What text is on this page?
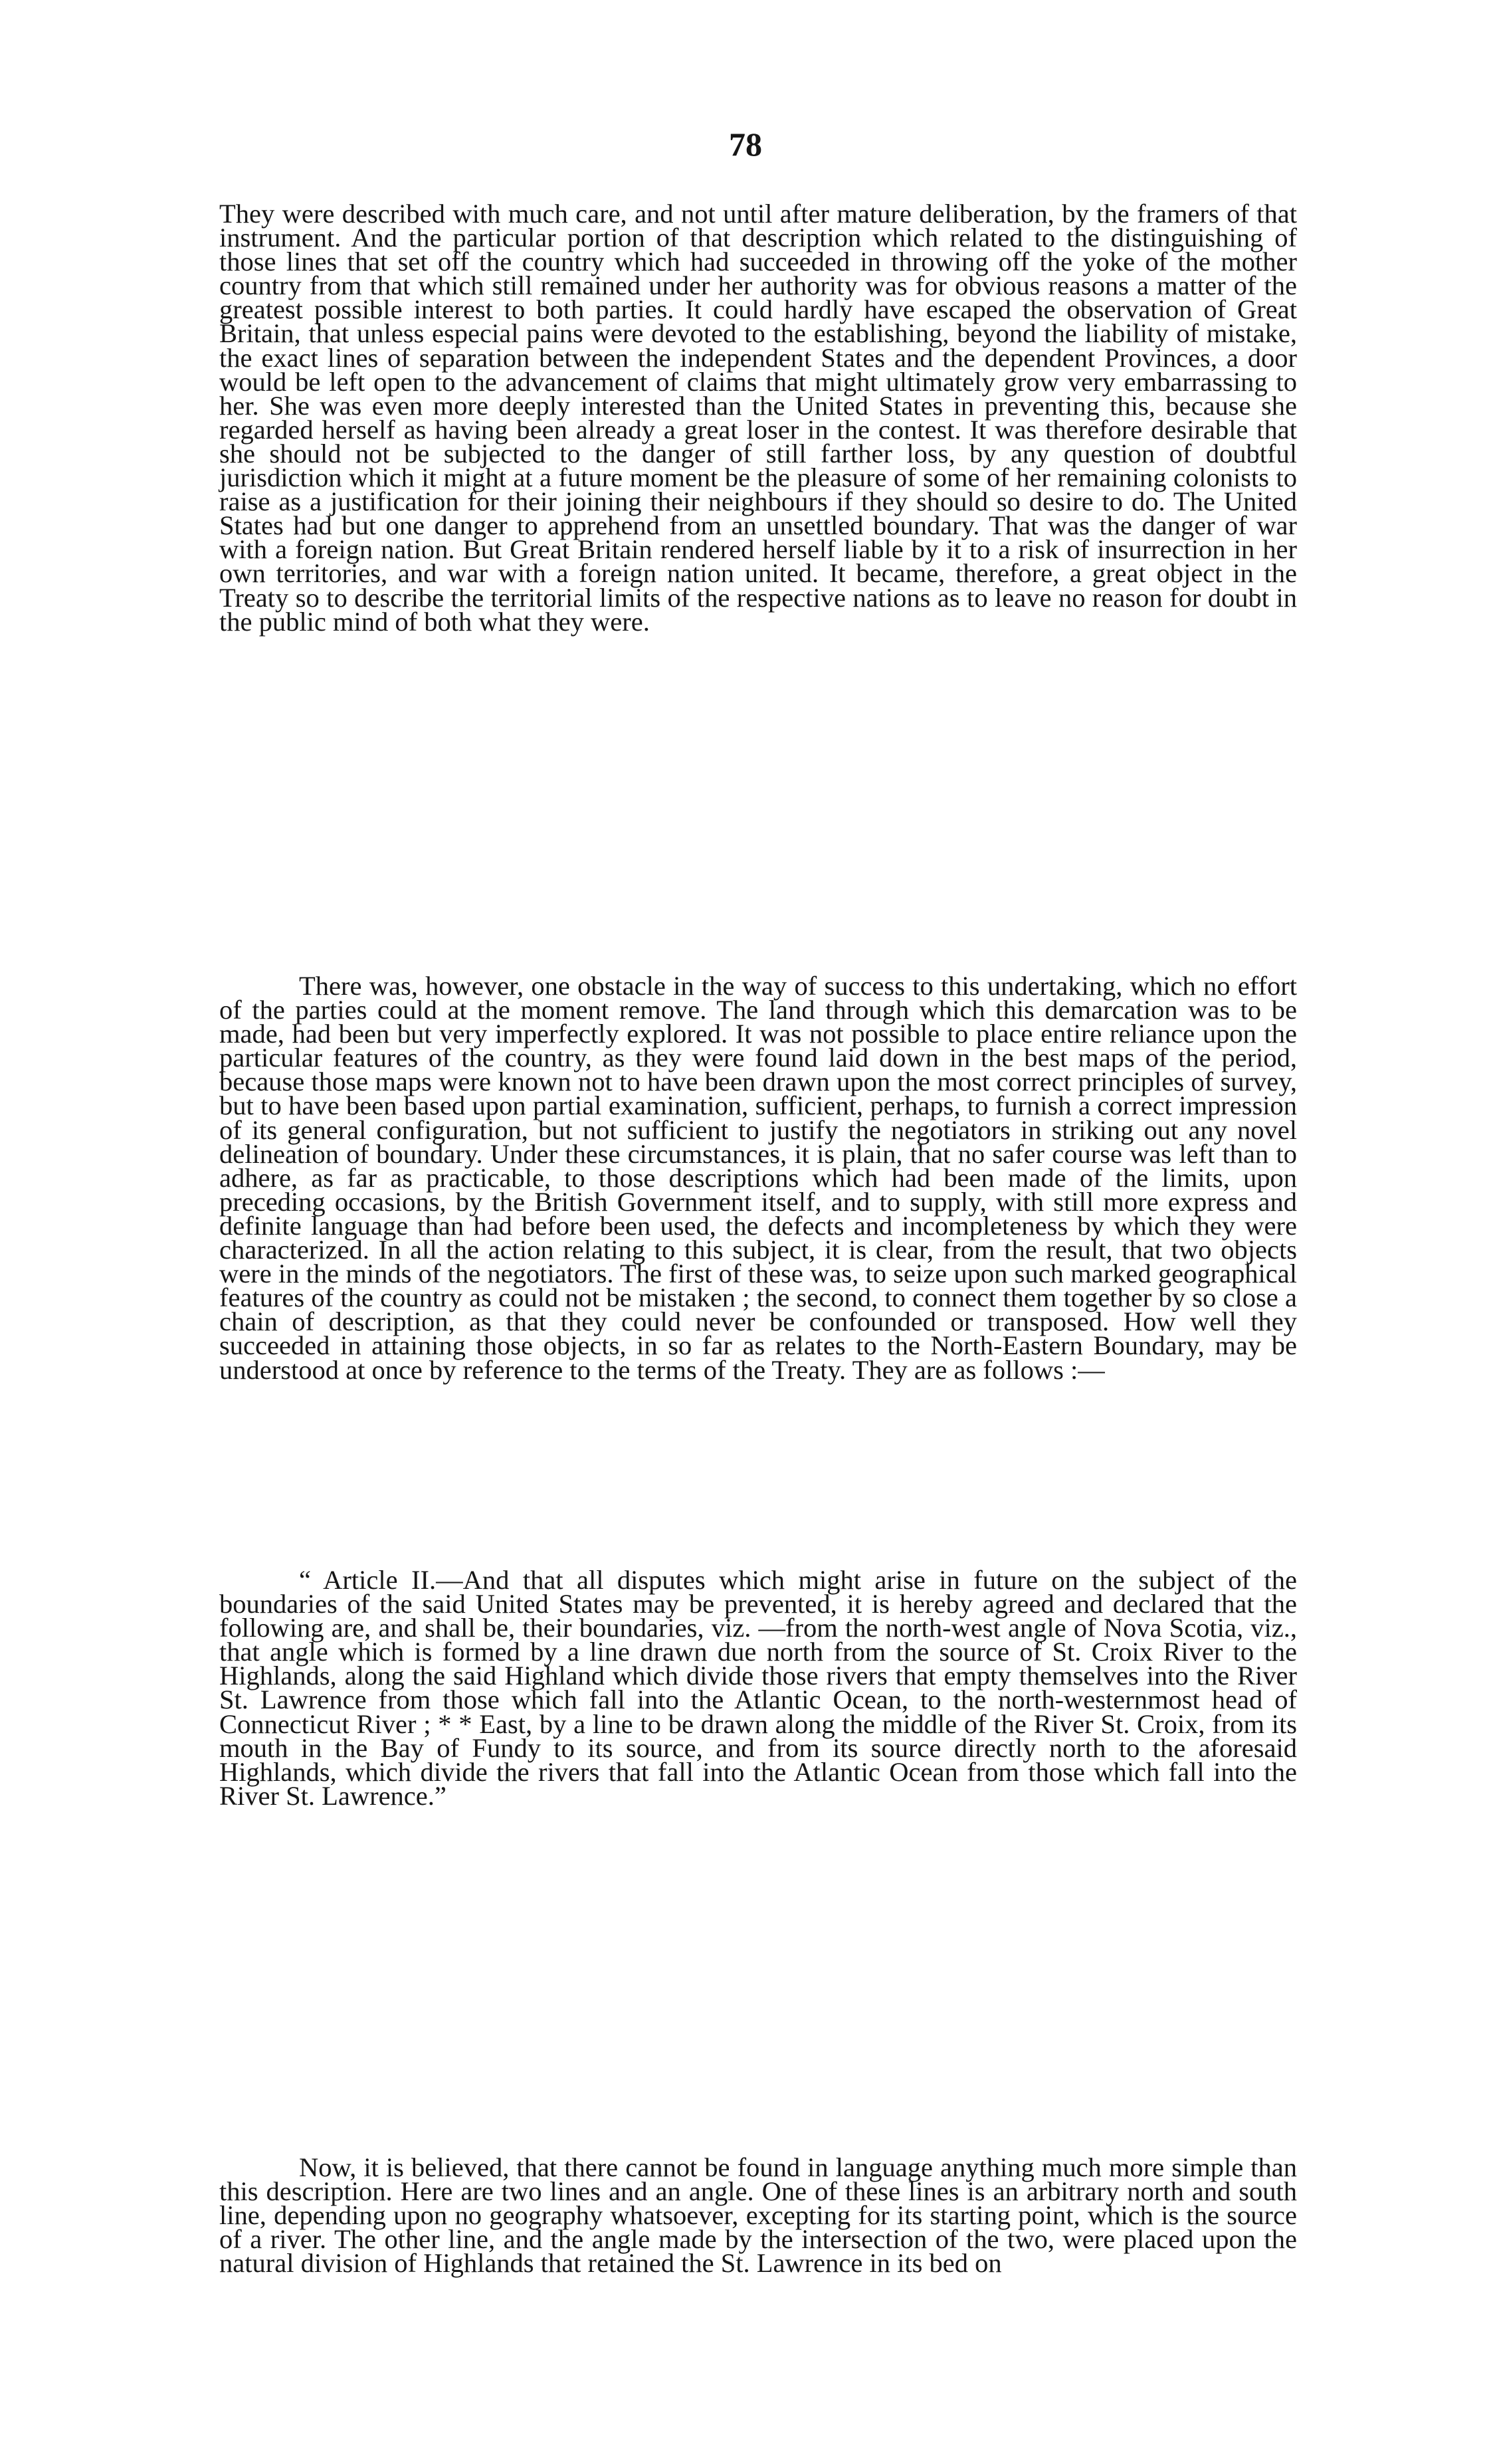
78

They were described with much care, and not until after mature deliberation, by the framers of that instrument. And the particular portion of that description which related to the distinguishing of those lines that set off the country which had succeeded in throwing off the yoke of the mother country from that which still remained under her authority was for obvious reasons a matter of the greatest possible interest to both parties. It could hardly have escaped the observation of Great Britain, that unless especial pains were devoted to the establishing, beyond the liability of mistake, the exact lines of separation between the independent States and the dependent Provinces, a door would be left open to the advancement of claims that might ultimately grow very embarrassing to her. She was even more deeply interested than the United States in preventing this, because she regarded herself as having been already a great loser in the contest. It was therefore desirable that she should not be subjected to the danger of still farther loss, by any question of doubtful jurisdiction which it might at a future moment be the pleasure of some of her remaining colonists to raise as a justification for their joining their neighbours if they should so desire to do. The United States had but one danger to apprehend from an unsettled boundary. That was the danger of war with a foreign nation. But Great Britain rendered herself liable by it to a risk of insurrection in her own territories, and war with a foreign nation united. It became, therefore, a great object in the Treaty so to describe the territorial limits of the respective nations as to leave no reason for doubt in the public mind of both what they were.

There was, however, one obstacle in the way of success to this undertaking, which no effort of the parties could at the moment remove. The land through which this demarcation was to be made, had been but very imperfectly explored. It was not possible to place entire reliance upon the particular features of the country, as they were found laid down in the best maps of the period, because those maps were known not to have been drawn upon the most correct principles of survey, but to have been based upon partial examination, sufficient, perhaps, to furnish a correct impression of its general configuration, but not sufficient to justify the negotiators in striking out any novel delineation of boundary. Under these circumstances, it is plain, that no safer course was left than to adhere, as far as practicable, to those descriptions which had been made of the limits, upon preceding occasions, by the British Government itself, and to supply, with still more express and definite language than had before been used, the defects and incompleteness by which they were characterized. In all the action relating to this subject, it is clear, from the result, that two objects were in the minds of the negotiators. The first of these was, to seize upon such marked geographical features of the country as could not be mistaken ; the second, to connect them together by so close a chain of description, as that they could never be confounded or transposed. How well they succeeded in attaining those objects, in so far as relates to the North-Eastern Boundary, may be understood at once by reference to the terms of the Treaty. They are as follows :—

“ Article II.—And that all disputes which might arise in future on the subject of the boundaries of the said United States may be prevented, it is hereby agreed and declared that the following are, and shall be, their boundaries, viz. —from the north-west angle of Nova Scotia, viz., that angle which is formed by a line drawn due north from the source of St. Croix River to the Highlands, along the said Highland which divide those rivers that empty themselves into the River St. Lawrence from those which fall into the Atlantic Ocean, to the north-westernmost head of Connecticut River ; * * East, by a line to be drawn along the middle of the River St. Croix, from its mouth in the Bay of Fundy to its source, and from its source directly north to the aforesaid Highlands, which divide the rivers that fall into the Atlantic Ocean from those which fall into the River St. Lawrence.”

Now, it is believed, that there cannot be found in language anything much more simple than this description. Here are two lines and an angle. One of these lines is an arbitrary north and south line, depending upon no geography whatsoever, excepting for its starting point, which is the source of a river. The other line, and the angle made by the intersection of the two, were placed upon the natural division of Highlands that retained the St. Lawrence in its bed on
